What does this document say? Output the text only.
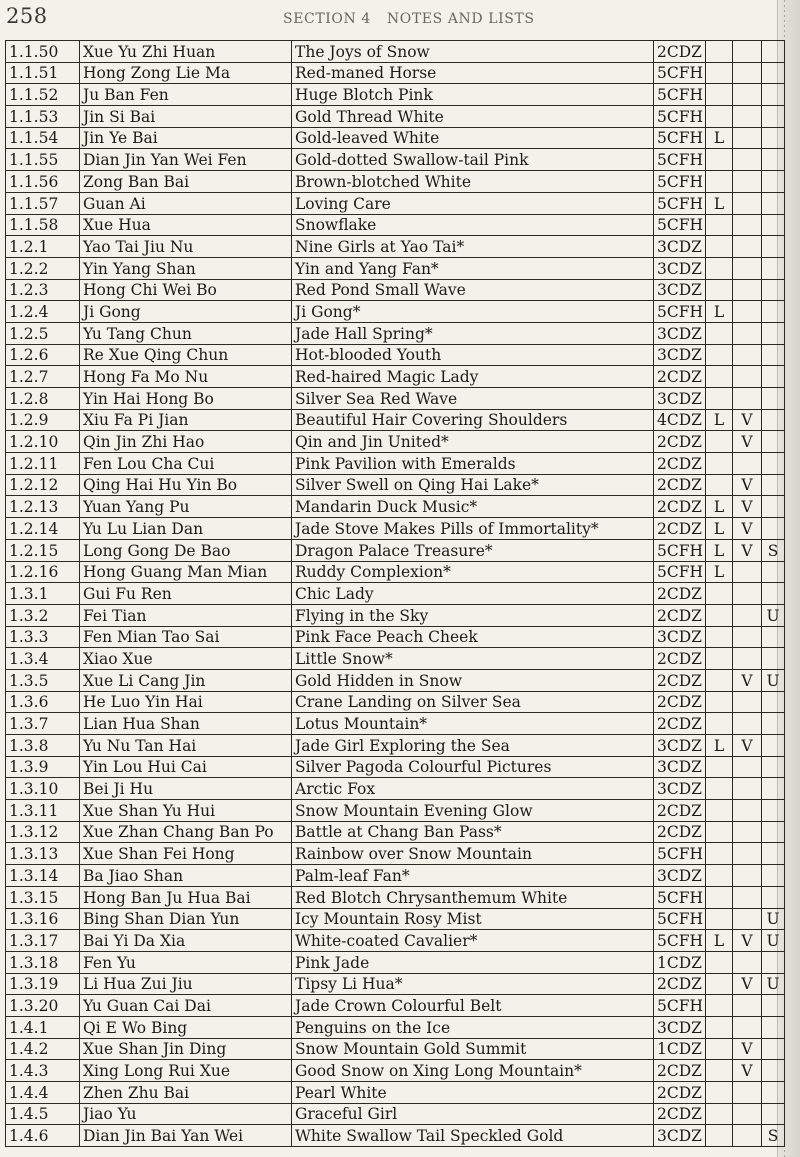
258	SECTION 4 NOTES AND LISTS
1.1.50	Xue Yu Zhi Huan	The Joys of Snow	2CDZ			
1.1.51	Hong Zong Lie Ma	Red-maned Horse	5CFH			
1.1.52	Ju Ban Fen	Huge Blotch Pink	5CFH			
1.1.53	Jin Si Bai	Gold Thread White	5CFH			
1.1.54	Jin Ye Bai	Gold-leaved White	5CFH	L		
1.1.55	Dian Jin Yan Wei Fen	Gold-dotted Swallow-tail Pink	5CFH			
1.1.56	Zong Ban Bai	Brown-blotched White	5CFH			
1.1.57	Guan Ai	Loving Care	5CFH	L		
1.1.58	Xue Hua	Snowflake	5CFH			
1.2.1	Yao Tai Jiu Nu	Nine Girls at Yao Tai*	3CDZ			
1.2.2	Yin Yang Shan	Yin and Yang Fan*	3CDZ			
1.2.3	Hong Chi Wei Bo	Red Pond Small Wave	3CDZ			
1.2.4	Ji Gong	Ji Gong*	5CFH	L		
1.2.5	Yu Tang Chun	Jade Hall Spring*	3CDZ			
1.2.6	Re Xue Qing Chun	Hot-blooded Youth	3CDZ			
1.2.7	Hong Fa Mo Nu	Red-haired Magic Lady	2CDZ			
1.2.8	Yin Hai Hong Bo	Silver Sea Red Wave	3CDZ			
1.2.9	Xiu Fa Pi Jian	Beautiful Hair Covering Shoulders	4CDZ	L	V	
1.2.10	Qin Jin Zhi Hao	Qin and Jin United*	2CDZ		V	
1.2.11	Fen Lou Cha Cui	Pink Pavilion with Emeralds	2CDZ			
1.2.12	Qing Hai Hu Yin Bo	Silver Swell on Qing Hai Lake*	2CDZ		V	
1.2.13	Yuan Yang Pu	Mandarin Duck Music*	2CDZ	L	V	
1.2.14	Yu Lu Lian Dan	Jade Stove Makes Pills of Immortality*	2CDZ	L	V	
1.2.15	Long Gong De Bao	Dragon Palace Treasure*	5CFH	L	V	S
1.2.16	Hong Guang Man Mian	Ruddy Complexion*	5CFH	L		
1.3.1	Gui Fu Ren	Chic Lady	2CDZ			
1.3.2	Fei Tian	Flying in the Sky	2CDZ			U
1.3.3	Fen Mian Tao Sai	Pink Face Peach Cheek	3CDZ			
1.3.4	Xiao Xue	Little Snow*	2CDZ			
1.3.5	Xue Li Cang Jin	Gold Hidden in Snow	2CDZ		V	U
1.3.6	He Luo Yin Hai	Crane Landing on Silver Sea	2CDZ			
1.3.7	Lian Hua Shan	Lotus Mountain*	2CDZ			
1.3.8	Yu Nu Tan Hai	Jade Girl Exploring the Sea	3CDZ	L	V	
1.3.9	Yin Lou Hui Cai	Silver Pagoda Colourful Pictures	3CDZ			
1.3.10	Bei Ji Hu	Arctic Fox	3CDZ			
1.3.11	Xue Shan Yu Hui	Snow Mountain Evening Glow	2CDZ			
1.3.12	Xue Zhan Chang Ban Po	Battle at Chang Ban Pass*	2CDZ			
1.3.13	Xue Shan Fei Hong	Rainbow over Snow Mountain	5CFH			
1.3.14	Ba Jiao Shan	Palm-leaf Fan*	3CDZ			
1.3.15	Hong Ban Ju Hua Bai	Red Blotch Chrysanthemum White	5CFH			
1.3.16	Bing Shan Dian Yun	Icy Mountain Rosy Mist	5CFH			U
1.3.17	Bai Yi Da Xia	White-coated Cavalier*	5CFH	L	V	U
1.3.18	Fen Yu	Pink Jade	1CDZ			
1.3.19	Li Hua Zui Jiu	Tipsy Li Hua*	2CDZ		V	U
1.3.20	Yu Guan Cai Dai	Jade Crown Colourful Belt	5CFH			
1.4.1	Qi E Wo Bing	Penguins on the Ice	3CDZ			
1.4.2	Xue Shan Jin Ding	Snow Mountain Gold Summit	1CDZ		V	
1.4.3	Xing Long Rui Xue	Good Snow on Xing Long Mountain*	2CDZ		V	
1.4.4	Zhen Zhu Bai	Pearl White	2CDZ			
1.4.5	Jiao Yu	Graceful Girl	2CDZ			
1.4.6	Dian Jin Bai Yan Wei	White Swallow Tail Speckled Gold	3CDZ			S
